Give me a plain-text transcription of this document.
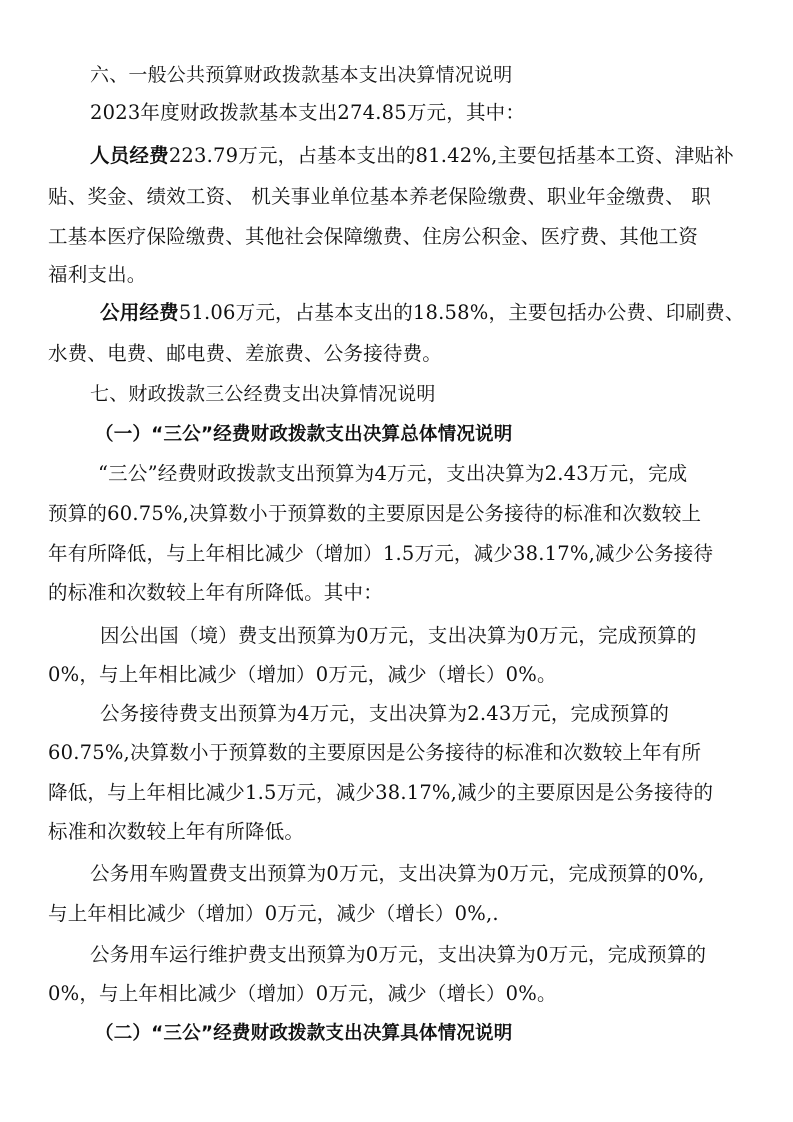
六、一般公共预算财政拨款基本支出决算情况说明
2023年度财政拨款基本支出274.85万元，其中：
人员经费223.79万元，占基本支出的81.42%,主要包括基本工资、津贴补
贴、奖金、绩效工资、 机关事业单位基本养老保险缴费、职业年金缴费、 职
工基本医疗保险缴费、其他社会保障缴费、住房公积金、医疗费、其他工资
福利支出。
公用经费51.06万元，占基本支出的18.58%，主要包括办公费、印刷费、
水费、电费、邮电费、差旅费、公务接待费。
七、财政拨款三公经费支出决算情况说明
（一）“三公”经费财政拨款支出决算总体情况说明
“三公”经费财政拨款支出预算为4万元，支出决算为2.43万元，完成
预算的60.75%,决算数小于预算数的主要原因是公务接待的标准和次数较上
年有所降低，与上年相比减少（增加）1.5万元，减少38.17%,减少公务接待
的标准和次数较上年有所降低。其中：
因公出国（境）费支出预算为0万元，支出决算为0万元，完成预算的
0%，与上年相比减少（增加）0万元，减少（增长）0%。
公务接待费支出预算为4万元，支出决算为2.43万元，完成预算的
60.75%,决算数小于预算数的主要原因是公务接待的标准和次数较上年有所
降低，与上年相比减少1.5万元，减少38.17%,减少的主要原因是公务接待的
标准和次数较上年有所降低。
公务用车购置费支出预算为0万元，支出决算为0万元，完成预算的0%,
与上年相比减少（增加）0万元，减少（增长）0%,.
公务用车运行维护费支出预算为0万元，支出决算为0万元，完成预算的
0%，与上年相比减少（增加）0万元，减少（增长）0%。
（二）“三公”经费财政拨款支出决算具体情况说明
